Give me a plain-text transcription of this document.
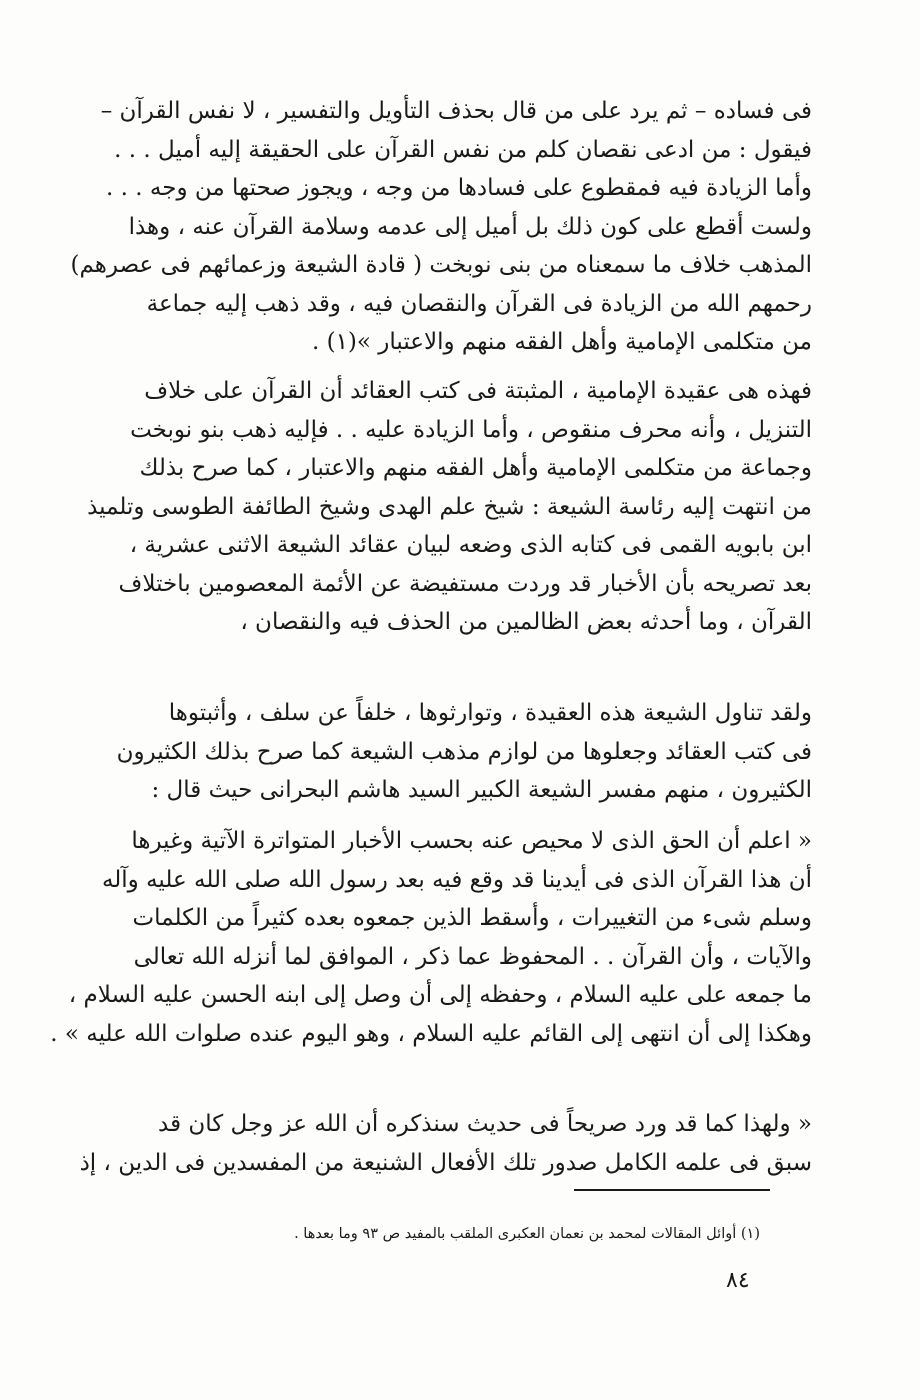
فى فساده – ثم يرد على من قال بحذف التأويل والتفسير ، لا نفس القرآن –
فيقول : من ادعى نقصان كلم من نفس القرآن على الحقيقة إليه أميل . . .
وأما الزيادة فيه فمقطوع على فسادها من وجه ، ويجوز صحتها من وجه . . .
ولست أقطع على كون ذلك بل أميل إلى عدمه وسلامة القرآن عنه ، وهذا
المذهب خلاف ما سمعناه من بنى نوبخت ( قادة الشيعة وزعمائهم فى عصرهم)
رحمهم الله من الزيادة فى القرآن والنقصان فيه ، وقد ذهب إليه جماعة
من متكلمى الإمامية وأهل الفقه منهم والاعتبار »(١) .
فهذه هى عقيدة الإمامية ، المثبتة فى كتب العقائد أن القرآن على خلاف
التنزيل ، وأنه محرف منقوص ، وأما الزيادة عليه . . فإليه ذهب بنو نوبخت
وجماعة من متكلمى الإمامية وأهل الفقه منهم والاعتبار ، كما صرح بذلك
من انتهت إليه رئاسة الشيعة : شيخ علم الهدى وشيخ الطائفة الطوسى وتلميذ
ابن بابويه القمى فى كتابه الذى وضعه لبيان عقائد الشيعة الاثنى عشرية ،
بعد تصريحه بأن الأخبار قد وردت مستفيضة عن الأئمة المعصومين باختلاف
القرآن ، وما أحدثه بعض الظالمين من الحذف فيه والنقصان ،
ولقد تناول الشيعة هذه العقيدة ، وتوارثوها ، خلفاً عن سلف ، وأثبتوها
فى كتب العقائد وجعلوها من لوازم مذهب الشيعة كما صرح بذلك الكثيرون
الكثيرون ، منهم مفسر الشيعة الكبير السيد هاشم البحرانى حيث قال :
« اعلم أن الحق الذى لا محيص عنه بحسب الأخبار المتواترة الآتية وغيرها
أن هذا القرآن الذى فى أيدينا قد وقع فيه بعد رسول الله صلى الله عليه وآله
وسلم شىء من التغييرات ، وأسقط الذين جمعوه بعده كثيراً من الكلمات
والآيات ، وأن القرآن . . المحفوظ عما ذكر ، الموافق لما أنزله الله تعالى
ما جمعه على عليه السلام ، وحفظه إلى أن وصل إلى ابنه الحسن عليه السلام ،
وهكذا إلى أن انتهى إلى القائم عليه السلام ، وهو اليوم عنده صلوات الله عليه » .
« ولهذا كما قد ورد صريحاً فى حديث سنذكره أن الله عز وجل كان قد
سبق فى علمه الكامل صدور تلك الأفعال الشنيعة من المفسدين فى الدين ، إذ
(١) أوائل المقالات لمحمد بن نعمان العكبرى الملقب بالمفيد ص ٩٣ وما بعدها .
٨٤
